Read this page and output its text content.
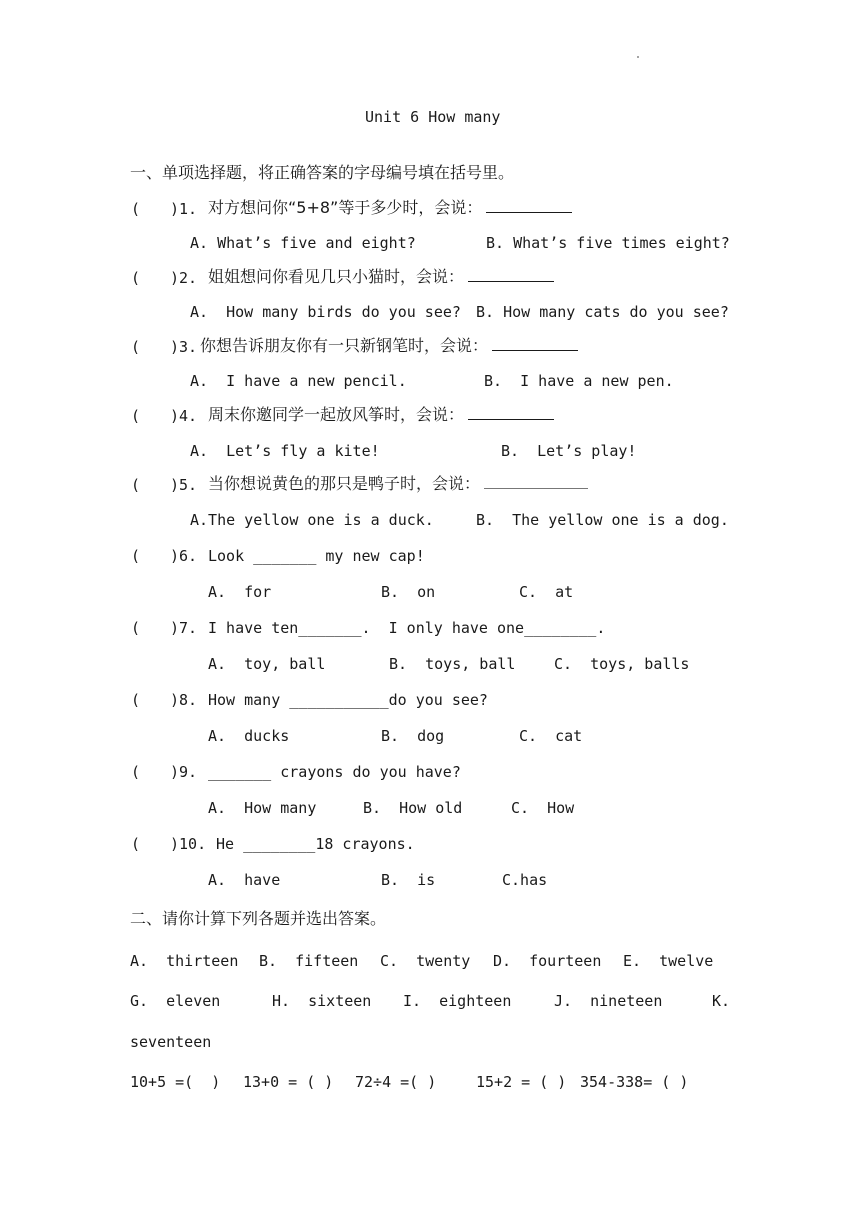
Unit 6 How many
一、单项选择题，将正确答案的字母编号填在括号里。
( )1. 对方想问你“5+8”等于多少时，会说：
A. What’s five and eight?	B. What’s five times eight?
( )2. 姐姐想问你看见几只小猫时，会说：
A.  How many birds do you see? B. How many cats do you see?
( )3. 你想告诉朋友你有一只新钢笔时，会说：
A.  I have a new pencil.	B.  I have a new pen.
( )4. 周末你邀同学一起放风筝时，会说：
A.  Let’s fly a kite!	B.  Let’s play!
( )5. 当你想说黄色的那只是鸭子时，会说：
A.The yellow one is a duck.	B.  The yellow one is a dog.
( )6. Look _______ my new cap!
A.  for	B.  on	C.  at
( )7. I have ten_______.  I only have one________.
A.  toy, ball	B.  toys, ball	C.  toys, balls
( )8. How many ___________do you see?
A.  ducks	B.  dog	C.  cat
( )9. _______ crayons do you have?
A.  How many	B.  How old	C.  How
( )10. He ________18 crayons.
A.  have	B.  is	C.has
二、请你计算下列各题并选出答案。
A.  thirteen B.  fifteen C.  twenty D.  fourteen E.  twelve
G.  eleven	H.  sixteen I.  eighteen	J.  nineteen	K.
seventeen
10+5 =(  ) 13+0 = ( ) 72÷4 =( )	15+2 = ( ) 354-338= ( )
